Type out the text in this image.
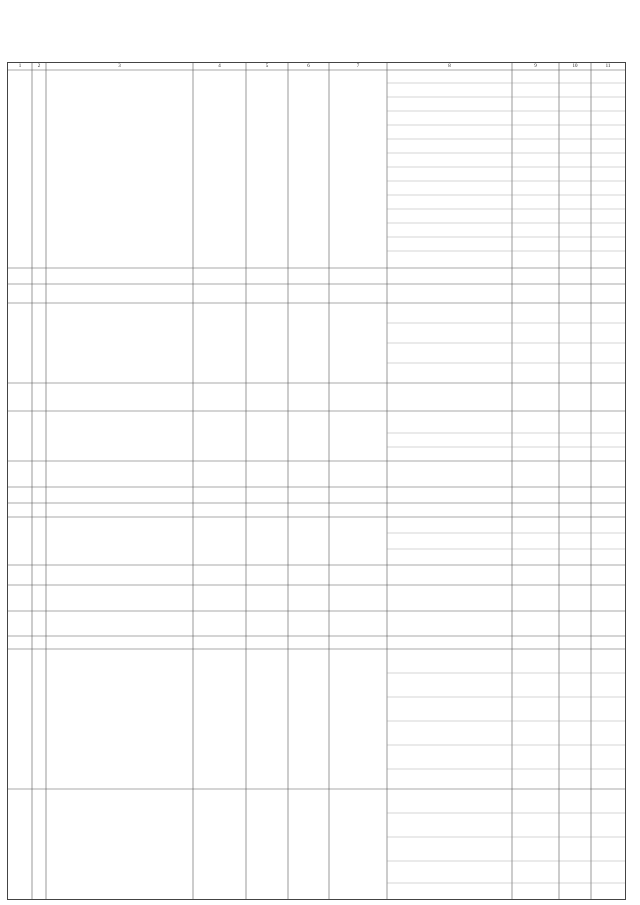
1	2	3	4	5	6	7	8	9	10	11
